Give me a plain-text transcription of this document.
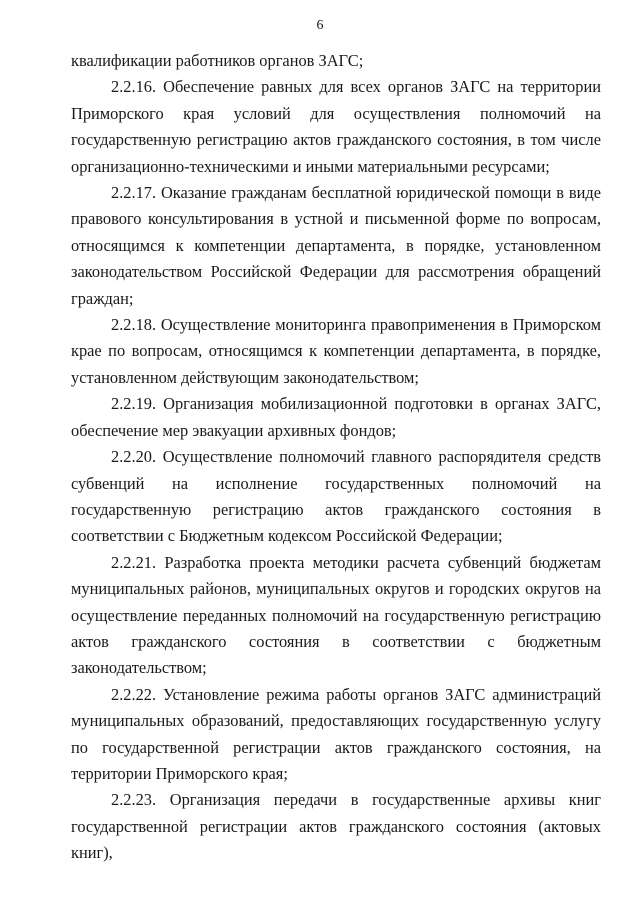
6

квалификации работников органов ЗАГС;

2.2.16. Обеспечение равных для всех органов ЗАГС на территории Приморского края условий для осуществления полномочий на государственную регистрацию актов гражданского состояния, в том числе организационно-техническими и иными материальными ресурсами;

2.2.17. Оказание гражданам бесплатной юридической помощи в виде правового консультирования в устной и письменной форме по вопросам, относящимся к компетенции департамента, в порядке, установленном законодательством Российской Федерации для рассмотрения обращений граждан;

2.2.18. Осуществление мониторинга правоприменения в Приморском крае по вопросам, относящимся к компетенции департамента, в порядке, установленном действующим законодательством;

2.2.19. Организация мобилизационной подготовки в органах ЗАГС, обеспечение мер эвакуации архивных фондов;

2.2.20. Осуществление полномочий главного распорядителя средств субвенций на исполнение государственных полномочий на государственную регистрацию актов гражданского состояния в соответствии с Бюджетным кодексом Российской Федерации;

2.2.21. Разработка проекта методики расчета субвенций бюджетам муниципальных районов, муниципальных округов и городских округов на осуществление переданных полномочий на государственную регистрацию актов гражданского состояния в соответствии с бюджетным законодательством;

2.2.22. Установление режима работы органов ЗАГС администраций муниципальных образований, предоставляющих государственную услугу по государственной регистрации актов гражданского состояния, на территории Приморского края;

2.2.23. Организация передачи в государственные архивы книг государственной регистрации актов гражданского состояния (актовых книг),
